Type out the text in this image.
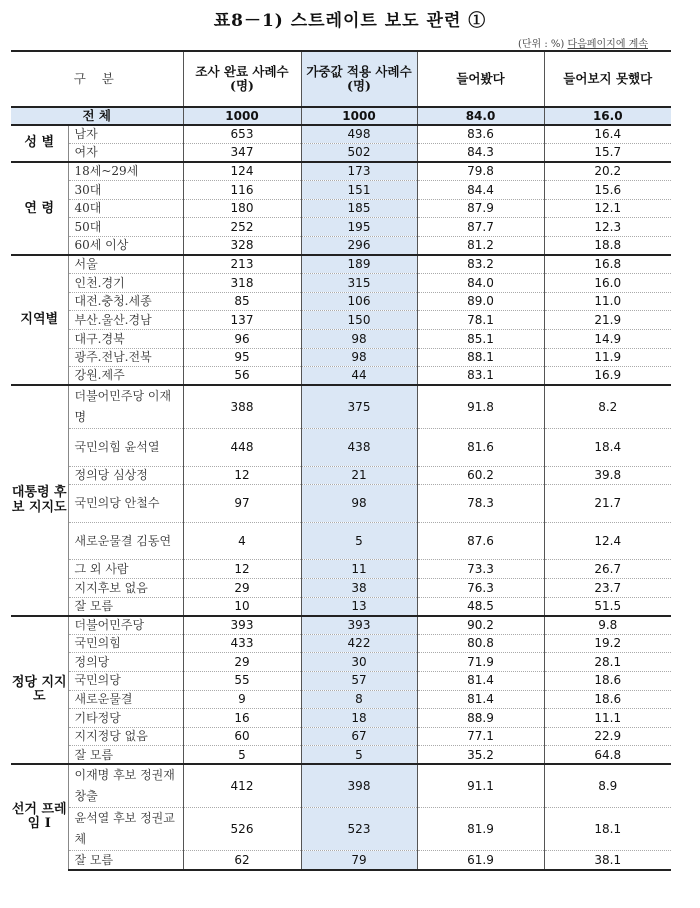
표8－1) 스트레이트 보도 관련 ①
(단위 : %) 다음페이지에 계속
구 분		조사 완료 사례수 (명)	가중값 적용 사례수 (명)	들어봤다	들어보지 못했다
전 체		1000	1000	84.0	16.0
성 별	남자	653	498	83.6	16.4
	여자	347	502	84.3	15.7
연 령	18세~29세	124	173	79.8	20.2
	30대	116	151	84.4	15.6
	40대	180	185	87.9	12.1
	50대	252	195	87.7	12.3
	60세 이상	328	296	81.2	18.8
지역별	서울	213	189	83.2	16.8
	인천.경기	318	315	84.0	16.0
	대전.충청.세종	85	106	89.0	11.0
	부산.울산.경남	137	150	78.1	21.9
	대구.경북	96	98	85.1	14.9
	광주.전남.전북	95	98	88.1	11.9
	강원.제주	56	44	83.1	16.9
대통령 후보 지지도	더불어민주당 이재명	388	375	91.8	8.2
	국민의힘 윤석열	448	438	81.6	18.4
	정의당 심상정	12	21	60.2	39.8
	국민의당 안철수	97	98	78.3	21.7
	새로운물결 김동연	4	5	87.6	12.4
	그 외 사람	12	11	73.3	26.7
	지지후보 없음	29	38	76.3	23.7
	잘 모름	10	13	48.5	51.5
정당 지지도	더불어민주당	393	393	90.2	9.8
	국민의힘	433	422	80.8	19.2
	정의당	29	30	71.9	28.1
	국민의당	55	57	81.4	18.6
	새로운물결	9	8	81.4	18.6
	기타정당	16	18	88.9	11.1
	지지정당 없음	60	67	77.1	22.9
	잘 모름	5	5	35.2	64.8
선거 프레임 I	이재명 후보 정권재창출	412	398	91.1	8.9
	윤석열 후보 정권교체	526	523	81.9	18.1
	잘 모름	62	79	61.9	38.1
